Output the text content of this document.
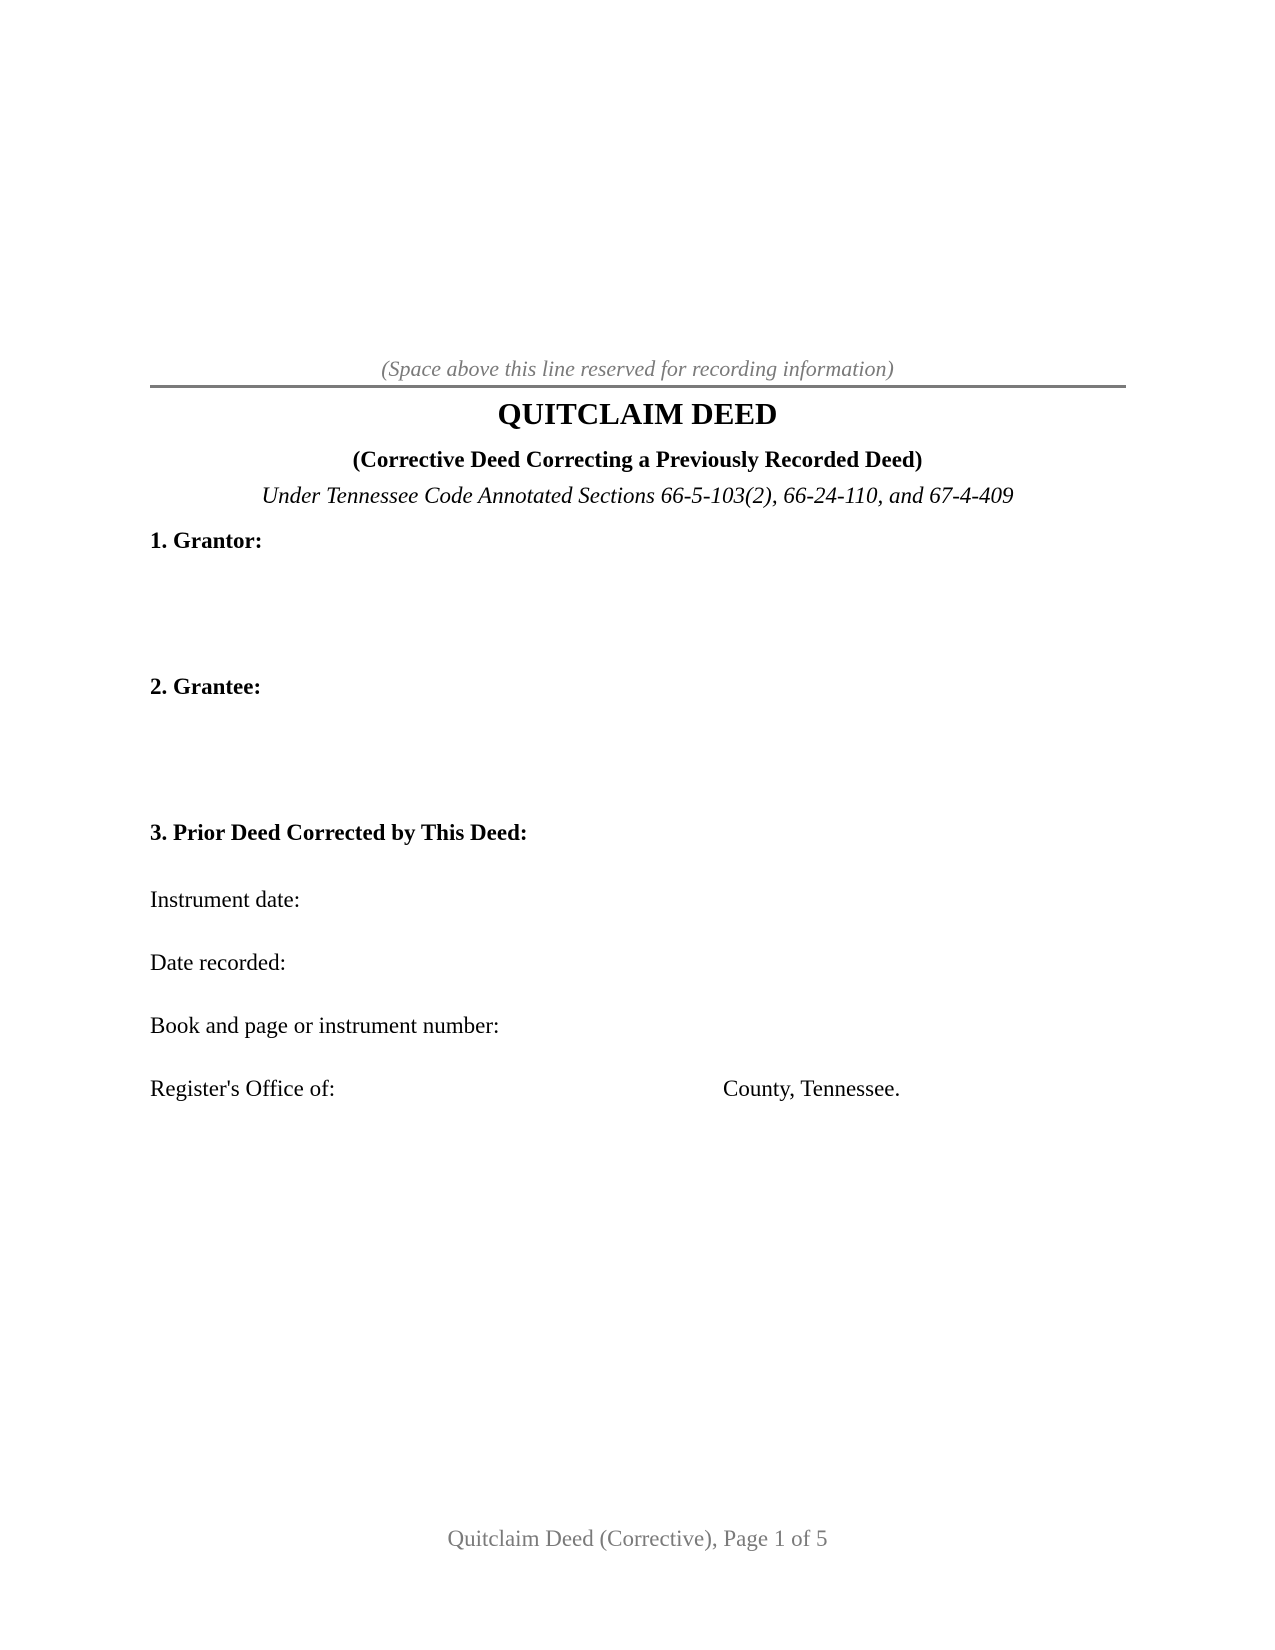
(Space above this line reserved for recording information)
QUITCLAIM DEED
(Corrective Deed Correcting a Previously Recorded Deed)
Under Tennessee Code Annotated Sections 66-5-103(2), 66-24-110, and 67-4-409
1. Grantor:
2. Grantee:
3. Prior Deed Corrected by This Deed:
Instrument date:
Date recorded:
Book and page or instrument number:
Register's Office of:	County, Tennessee.
Quitclaim Deed (Corrective), Page 1 of 5
